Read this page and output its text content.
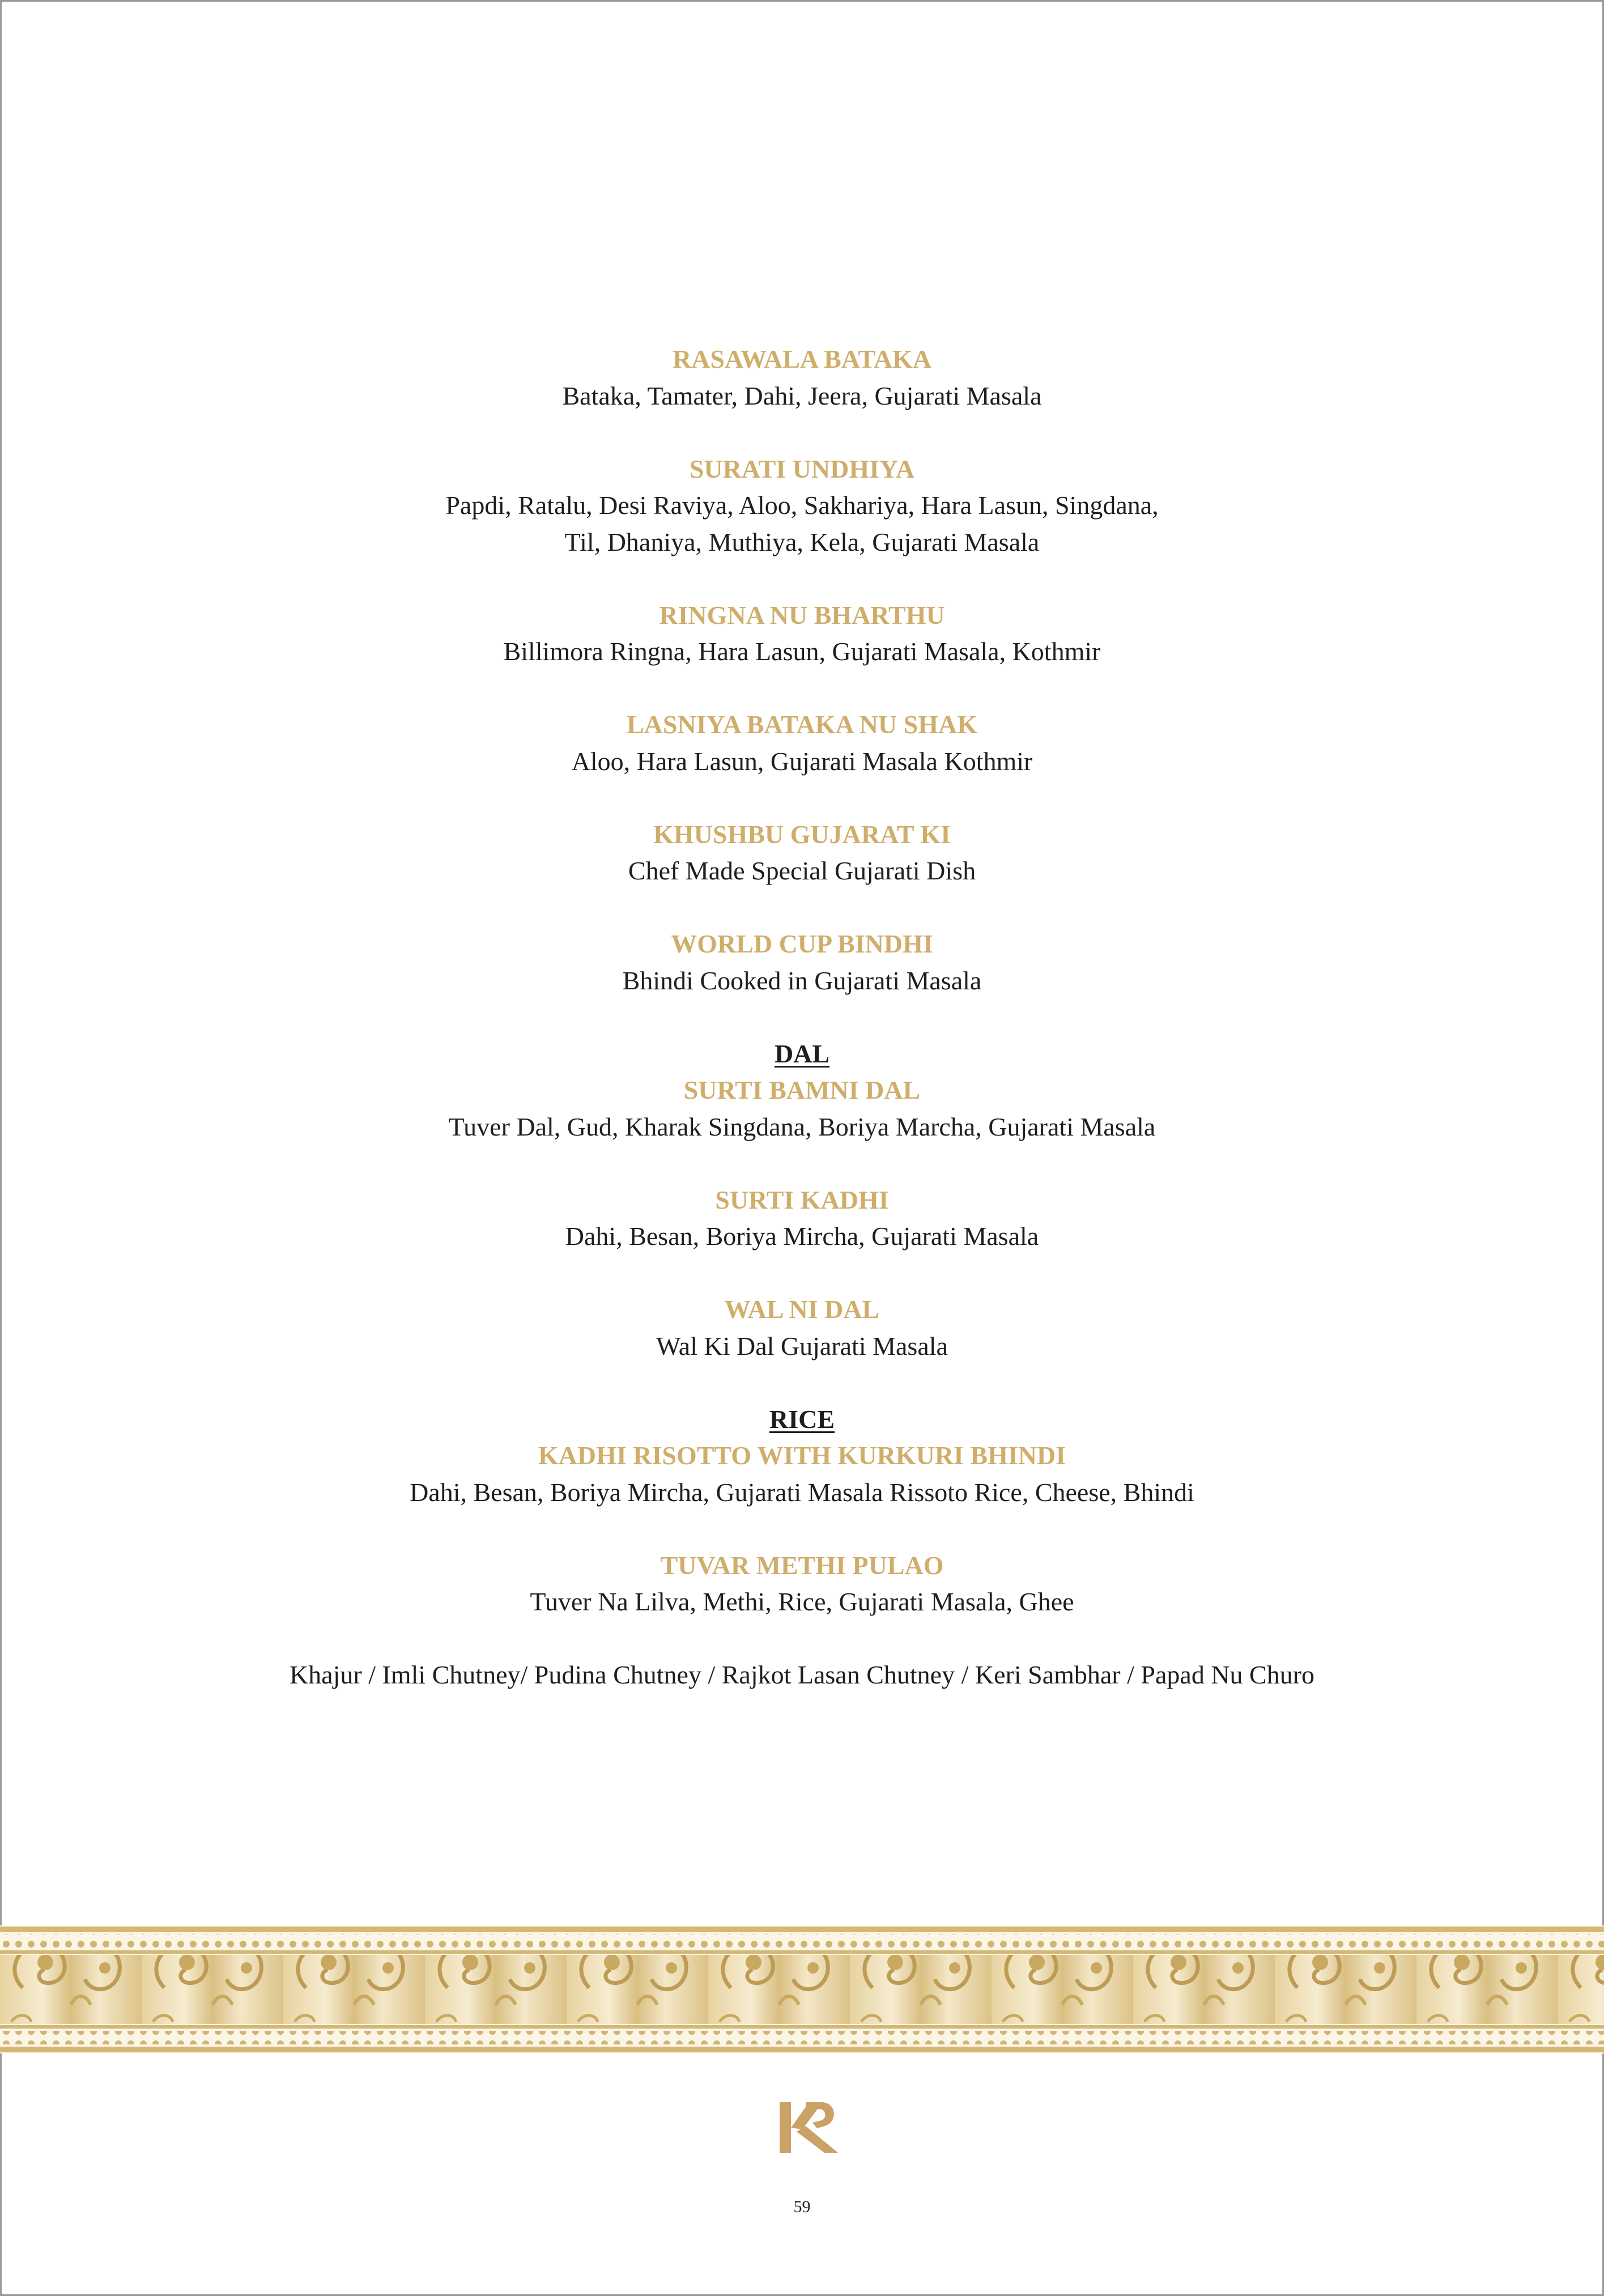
RASAWALA BATAKA
Bataka, Tamater, Dahi, Jeera, Gujarati Masala
SURATI UNDHIYA
Papdi, Ratalu, Desi Raviya, Aloo, Sakhariya, Hara Lasun, Singdana,
Til, Dhaniya, Muthiya, Kela, Gujarati Masala
RINGNA NU BHARTHU
Billimora Ringna, Hara Lasun, Gujarati Masala, Kothmir
LASNIYA BATAKA NU SHAK
Aloo, Hara Lasun, Gujarati Masala Kothmir
KHUSHBU GUJARAT KI
Chef Made Special Gujarati Dish
WORLD CUP BINDHI
Bhindi Cooked in Gujarati Masala
DAL
SURTI BAMNI DAL
Tuver Dal, Gud, Kharak Singdana, Boriya Marcha, Gujarati Masala
SURTI KADHI
Dahi, Besan, Boriya Mircha, Gujarati Masala
WAL NI DAL
Wal Ki Dal Gujarati Masala
RICE
KADHI RISOTTO WITH KURKURI BHINDI
Dahi, Besan, Boriya Mircha, Gujarati Masala Rissoto Rice, Cheese, Bhindi
TUVAR METHI PULAO
Tuver Na Lilva, Methi, Rice, Gujarati Masala, Ghee
Khajur / Imli Chutney/ Pudina Chutney / Rajkot Lasan Chutney / Keri Sambhar / Papad Nu Churo
59
